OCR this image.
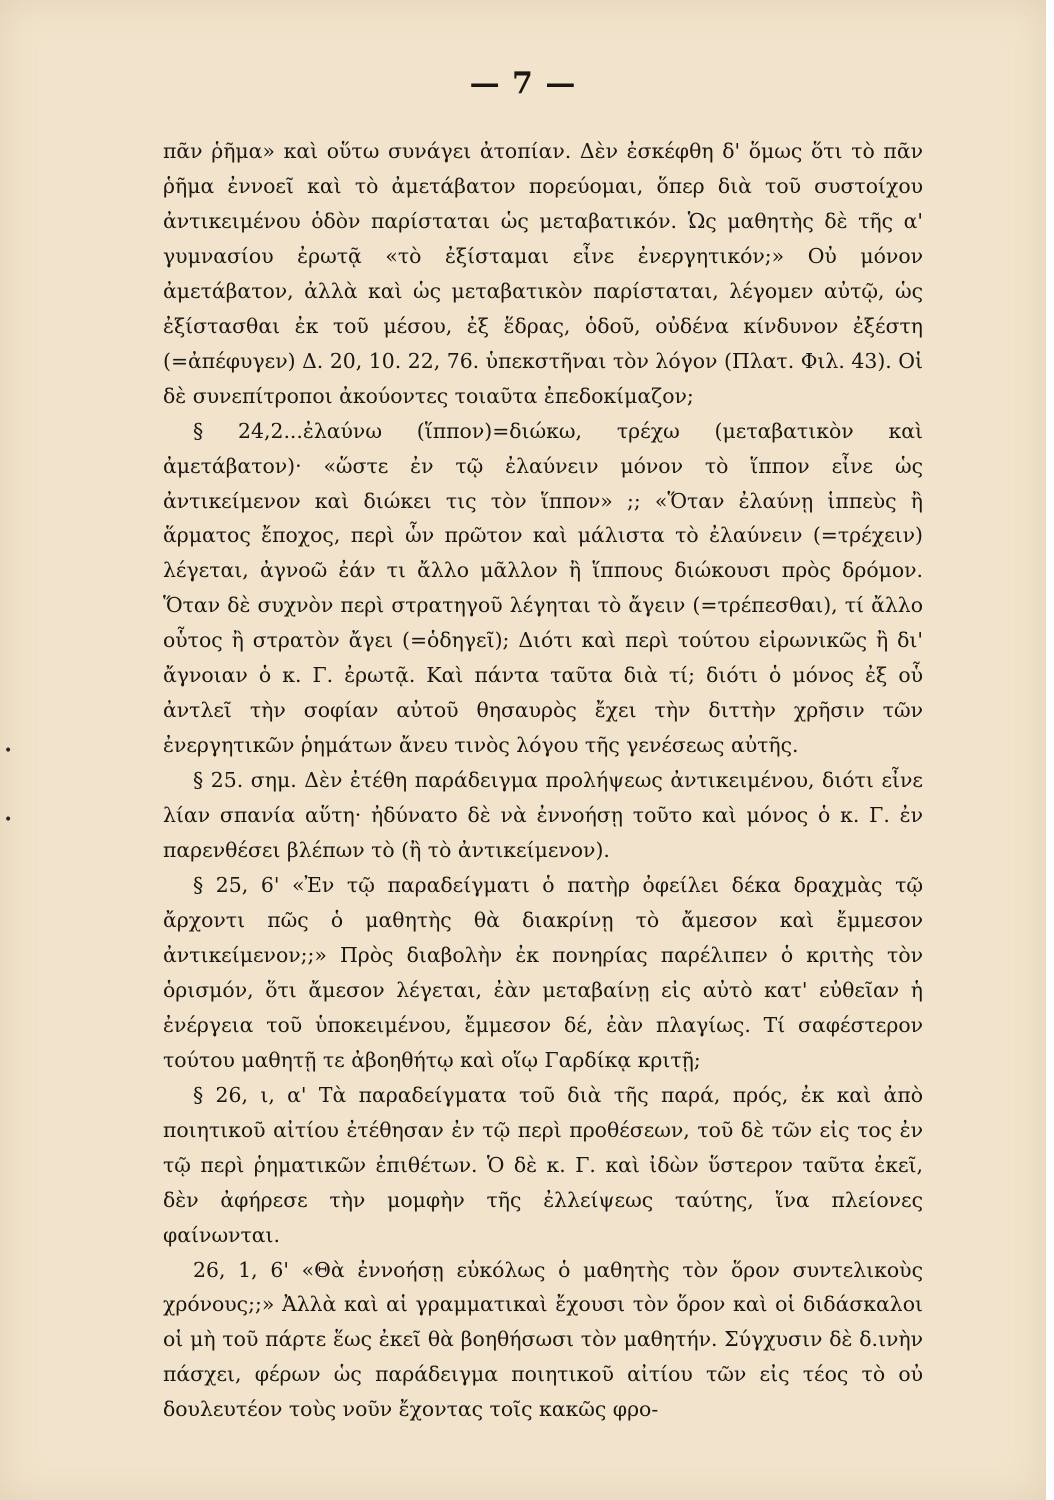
— 7 —
•
•

πᾶν ῥῆμα» καὶ οὕτω συνάγει ἀτοπίαν. Δὲν ἐσκέφθη δ' ὅμως ὅτι τὸ πᾶν ῥῆμα ἐννοεῖ καὶ τὸ ἀμετάβατον πορεύομαι, ὅπερ διὰ τοῦ συστοίχου ἀντικειμένου ὁδὸν παρίσταται ὡς μεταβατικόν. Ὡς μαθητὴς δὲ τῆς α' γυμνασίου ἐρωτᾷ «τὸ ἐξίσταμαι εἶνε ἐνεργητικόν;» Οὐ μόνον ἀμετάβατον, ἀλλὰ καὶ ὡς μεταβατικὸν παρίσταται, λέγομεν αὐτῷ, ὡς ἐξίστασθαι ἐκ τοῦ μέσου, ἐξ ἕδρας, ὁδοῦ, οὐδένα κίνδυνον ἐξέστη (=ἀπέφυγεν) Δ. 20, 10. 22, 76. ὑπεκστῆναι τὸν λόγον (Πλατ. Φιλ. 43). Οἱ δὲ συνεπίτροποι ἀκούοντες τοιαῦτα ἐπεδοκίμαζον;

§ 24,2...ἐλαύνω (ἵππον)=διώκω, τρέχω (μεταβατικὸν καὶ ἀμετάβατον)· «ὥστε ἐν τῷ ἐλαύνειν μόνον τὸ ἵππον εἶνε ὡς ἀντικείμενον καὶ διώκει τις τὸν ἵππον» ;; «Ὅταν ἐλαύνῃ ἱππεὺς ἢ ἅρματος ἔποχος, περὶ ὧν πρῶτον καὶ μάλιστα τὸ ἐλαύνειν (=τρέχειν) λέγεται, ἀγνοῶ ἐάν τι ἄλλο μᾶλλον ἢ ἵππους διώκουσι πρὸς δρόμον. Ὅταν δὲ συχνὸν περὶ στρατηγοῦ λέγηται τὸ ἄγειν (=τρέπεσθαι), τί ἄλλο οὗτος ἢ στρατὸν ἄγει (=ὁδηγεῖ); Διότι καὶ περὶ τούτου εἰρωνικῶς ἢ δι' ἄγνοιαν ὁ κ. Γ. ἐρωτᾷ. Καὶ πάντα ταῦτα διὰ τί; διότι ὁ μόνος ἐξ οὗ ἀντλεῖ τὴν σοφίαν αὐτοῦ θησαυρὸς ἔχει τὴν διττὴν χρῆσιν τῶν ἐνεργητικῶν ῥημάτων ἄνευ τινὸς λόγου τῆς γενέσεως αὐτῆς.

§ 25. σημ. Δὲν ἐτέθη παράδειγμα προλήψεως ἀντικειμένου, διότι εἶνε λίαν σπανία αὕτη· ἠδύνατο δὲ νὰ ἐννοήσῃ τοῦτο καὶ μόνος ὁ κ. Γ. ἐν παρενθέσει βλέπων τὸ (ἢ τὸ ἀντικείμενον).

§ 25, 6' «Ἐν τῷ παραδείγματι ὁ πατὴρ ὀφείλει δέκα δραχμὰς τῷ ἄρχοντι πῶς ὁ μαθητὴς θὰ διακρίνῃ τὸ ἄμεσον καὶ ἔμμεσον ἀντικείμενον;;» Πρὸς διαβολὴν ἐκ πονηρίας παρέλιπεν ὁ κριτὴς τὸν ὁρισμόν, ὅτι ἄμεσον λέγεται, ἐὰν μεταβαίνῃ εἰς αὐτὸ κατ' εὐθεῖαν ἡ ἐνέργεια τοῦ ὑποκειμένου, ἔμμεσον δέ, ἐὰν πλαγίως. Τί σαφέστερον τούτου μαθητῇ τε ἀβοηθήτῳ καὶ οἵῳ Γαρδίκᾳ κριτῇ;

§ 26, ι, α' Τὰ παραδείγματα τοῦ διὰ τῆς παρά, πρός, ἐκ καὶ ἀπὸ ποιητικοῦ αἰτίου ἐτέθησαν ἐν τῷ περὶ προθέσεων, τοῦ δὲ τῶν εἰς τος ἐν τῷ περὶ ῥηματικῶν ἐπιθέτων. Ὁ δὲ κ. Γ. καὶ ἰδὼν ὕστερον ταῦτα ἐκεῖ, δὲν ἀφήρεσε τὴν μομφὴν τῆς ἐλλείψεως ταύτης, ἵνα πλείονες φαίνωνται.

26, 1, 6' «Θὰ ἐννοήσῃ εὐκόλως ὁ μαθητὴς τὸν ὅρον συντελικοὺς χρόνους;;» Ἀλλὰ καὶ αἱ γραμματικαὶ ἔχουσι τὸν ὅρον καὶ οἱ διδάσκαλοι οἱ μὴ τοῦ πάρτε ἕως ἐκεῖ θὰ βοηθήσωσι τὸν μαθητήν. Σύγχυσιν δὲ δ.ινὴν πάσχει, φέρων ὡς παράδειγμα ποιητικοῦ αἰτίου τῶν εἰς τέος τὸ οὐ δουλευτέον τοὺς νοῦν ἔχοντας τοῖς κακῶς φρο-
